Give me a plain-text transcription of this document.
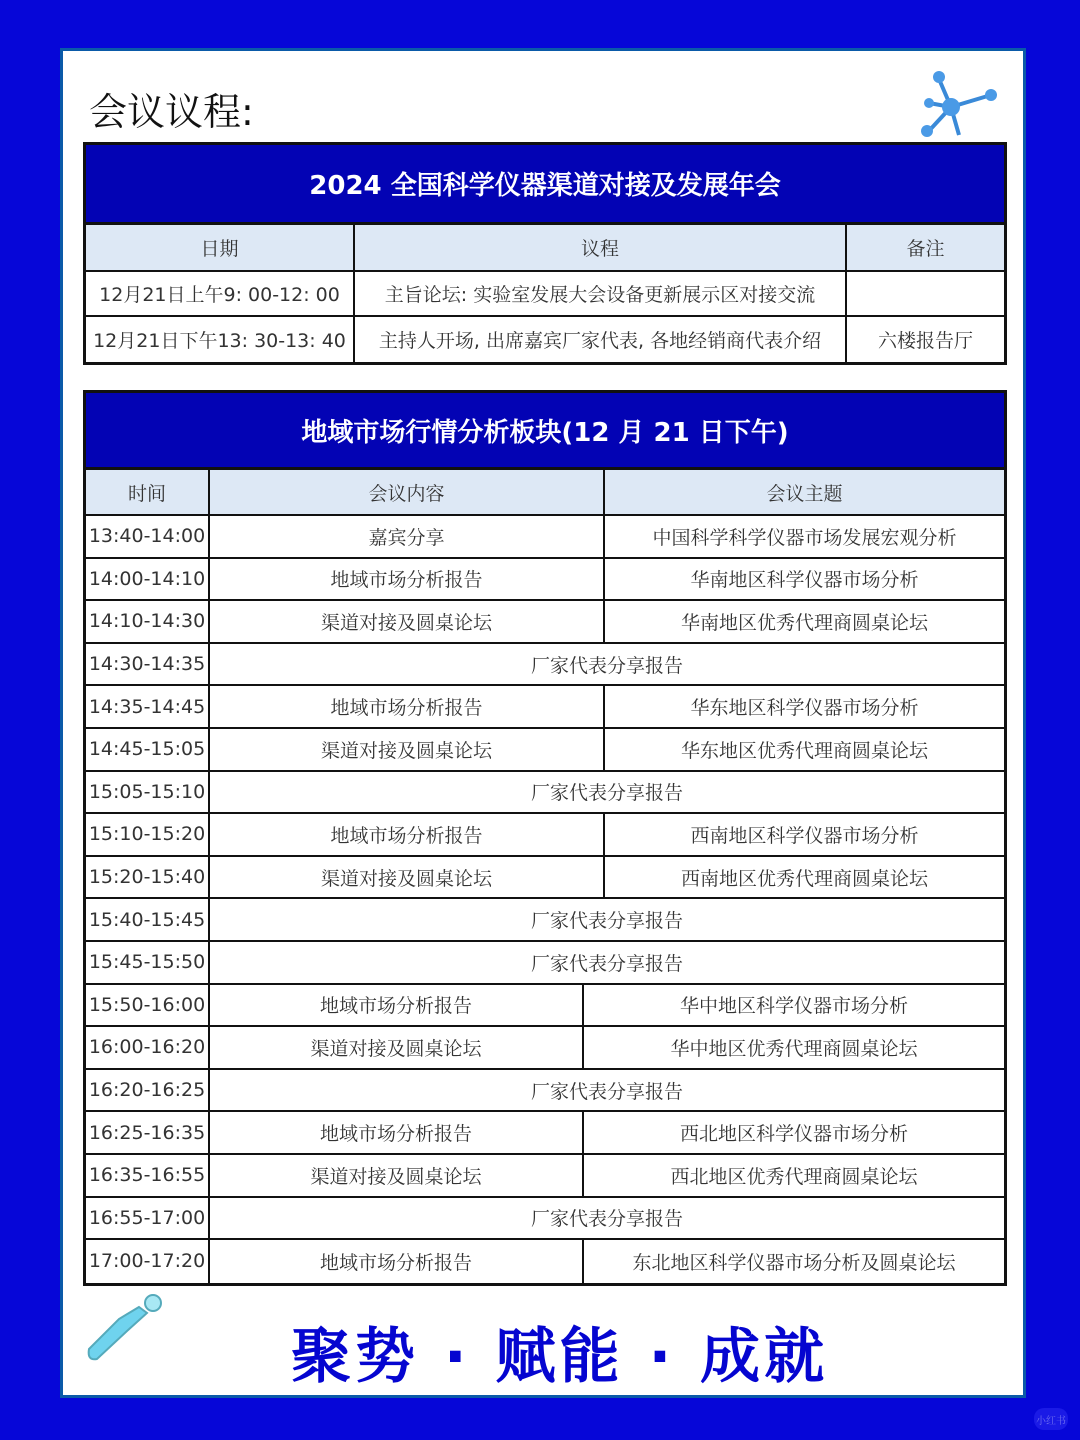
会议议程:
2024 全国科学仪器渠道对接及发展年会
日期	议程	备注
12月21日上午9: 00-12: 00	主旨论坛: 实验室发展大会设备更新展示区对接交流
12月21日下午13: 30-13: 40	主持人开场, 出席嘉宾厂家代表, 各地经销商代表介绍	六楼报告厅
地域市场行情分析板块(12 月 21 日下午)
时间	会议内容	会议主题
13:40-14:00	嘉宾分享	中国科学科学仪器市场发展宏观分析
14:00-14:10	地域市场分析报告	华南地区科学仪器市场分析
14:10-14:30	渠道对接及圆桌论坛	华南地区优秀代理商圆桌论坛
14:30-14:35	厂家代表分享报告
14:35-14:45	地域市场分析报告	华东地区科学仪器市场分析
14:45-15:05	渠道对接及圆桌论坛	华东地区优秀代理商圆桌论坛
15:05-15:10	厂家代表分享报告
15:10-15:20	地域市场分析报告	西南地区科学仪器市场分析
15:20-15:40	渠道对接及圆桌论坛	西南地区优秀代理商圆桌论坛
15:40-15:45	厂家代表分享报告
15:45-15:50	厂家代表分享报告
15:50-16:00	地域市场分析报告	华中地区科学仪器市场分析
16:00-16:20	渠道对接及圆桌论坛	华中地区优秀代理商圆桌论坛
16:20-16:25	厂家代表分享报告
16:25-16:35	地域市场分析报告	西北地区科学仪器市场分析
16:35-16:55	渠道对接及圆桌论坛	西北地区优秀代理商圆桌论坛
16:55-17:00	厂家代表分享报告
17:00-17:20	地域市场分析报告	东北地区科学仪器市场分析及圆桌论坛
聚势 · 赋能 · 成就
小红书
